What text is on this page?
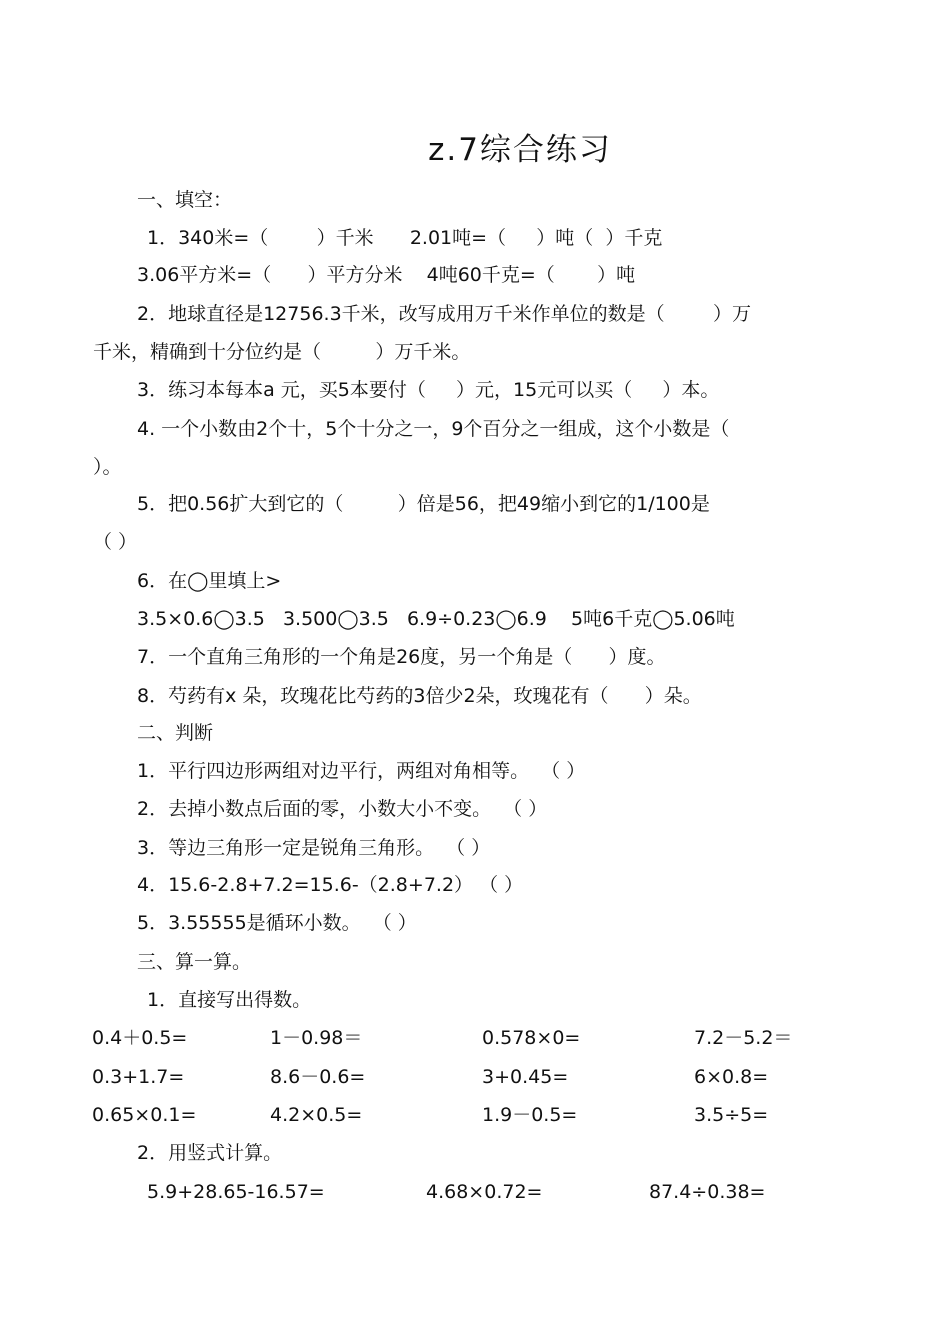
z.7综合练习
一、填空：
1．340米=（        ）千米      2.01吨=（     ）吨（  ）千克
3.06平方米=（      ）平方分米    4吨60千克=（       ）吨
2．地球直径是12756.3千米，改写成用万千米作单位的数是（        ）万
千米，精确到十分位约是（         ）万千米。
3．练习本每本a 元，买5本要付（     ）元，15元可以买（     ）本。
4. 一个小数由2个十，5个十分之一，9个百分之一组成，这个小数是（
）。
5．把0.56扩大到它的（         ）倍是56，把49缩小到它的1/100是
（ ）
6．在◯里填上>
3.5×0.6◯3.5   3.500◯3.5   6.9÷0.23◯6.9    5吨6千克◯5.06吨
7．一个直角三角形的一个角是26度，另一个角是（      ）度。
8．芍药有x 朵，玫瑰花比芍药的3倍少2朵，玫瑰花有（      ）朵。
二、判断
1．平行四边形两组对边平行，两组对角相等。  （ ）
2．去掉小数点后面的零，小数大小不变。  （ ）
3．等边三角形一定是锐角三角形。  （ ）
4．15.6-2.8+7.2=15.6-（2.8+7.2） （ ）
5．3.55555是循环小数。  （ ）
三、算一算。
1．直接写出得数。
0.4＋0.5=	1－0.98＝	0.578×0=	7.2－5.2＝
0.3+1.7=	8.6－0.6=	3+0.45=	6×0.8=
0.65×0.1=	4.2×0.5=	1.9－0.5=	3.5÷5=
2．用竖式计算。
5.9+28.65-16.57=	4.68×0.72=	87.4÷0.38=
